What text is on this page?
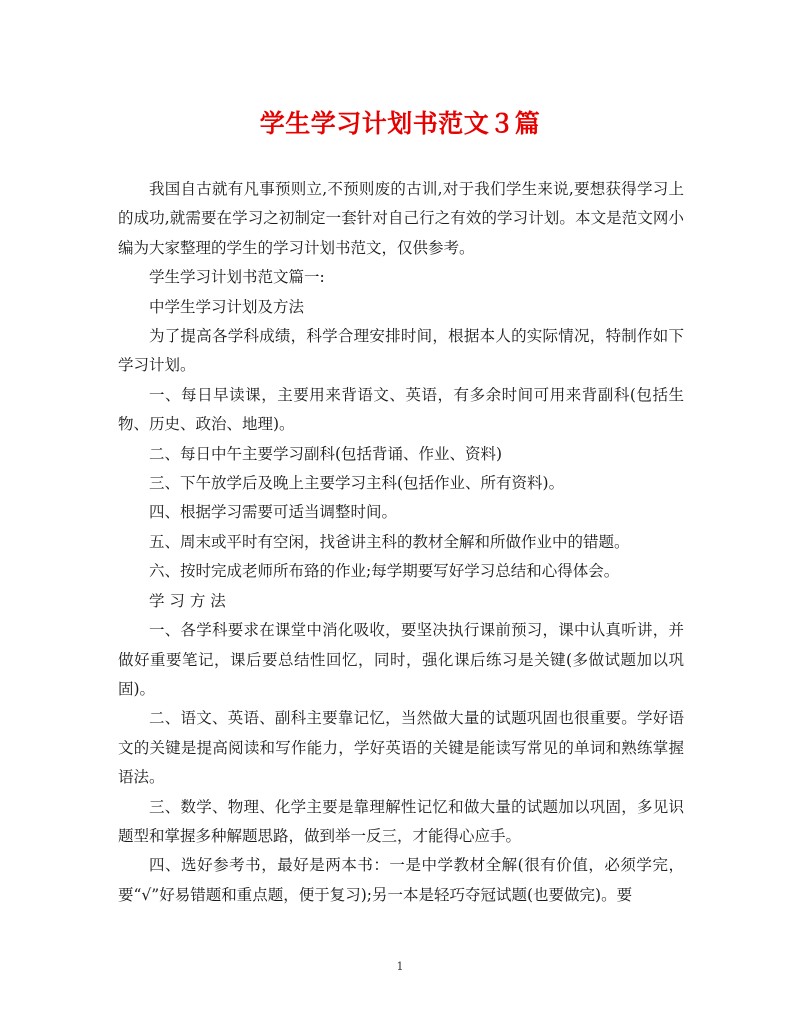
学生学习计划书范文３篇

我国自古就有凡事预则立,不预则废的古训,对于我们学生来说,要想获得学习上的成功,就需要在学习之初制定一套针对自己行之有效的学习计划。本文是范文网小编为大家整理的学生的学习计划书范文，仅供参考。

学生学习计划书范文篇一:

中学生学习计划及方法

为了提高各学科成绩，科学合理安排时间，根据本人的实际情况，特制作如下学习计划。

一、每日早读课，主要用来背语文、英语，有多余时间可用来背副科(包括生物、历史、政治、地理)。

二、每日中午主要学习副科(包括背诵、作业、资料)

三、下午放学后及晚上主要学习主科(包括作业、所有资料)。

四、根据学习需要可适当调整时间。

五、周末或平时有空闲，找爸讲主科的教材全解和所做作业中的错题。

六、按时完成老师所布臵的作业;每学期要写好学习总结和心得体会。

学 习 方 法

一、各学科要求在课堂中消化吸收，要坚决执行课前预习，课中认真听讲，并做好重要笔记，课后要总结性回忆，同时，强化课后练习是关键(多做试题加以巩固)。

二、语文、英语、副科主要靠记忆，当然做大量的试题巩固也很重要。学好语文的关键是提高阅读和写作能力，学好英语的关键是能读写常见的单词和熟练掌握语法。

三、数学、物理、化学主要是靠理解性记忆和做大量的试题加以巩固，多见识题型和掌握多种解题思路，做到举一反三，才能得心应手。

四、选好参考书，最好是两本书：一是中学教材全解(很有价值，必须学完，要“√”好易错题和重点题，便于复习);另一本是轻巧夺冠试题(也要做完)。要

1
